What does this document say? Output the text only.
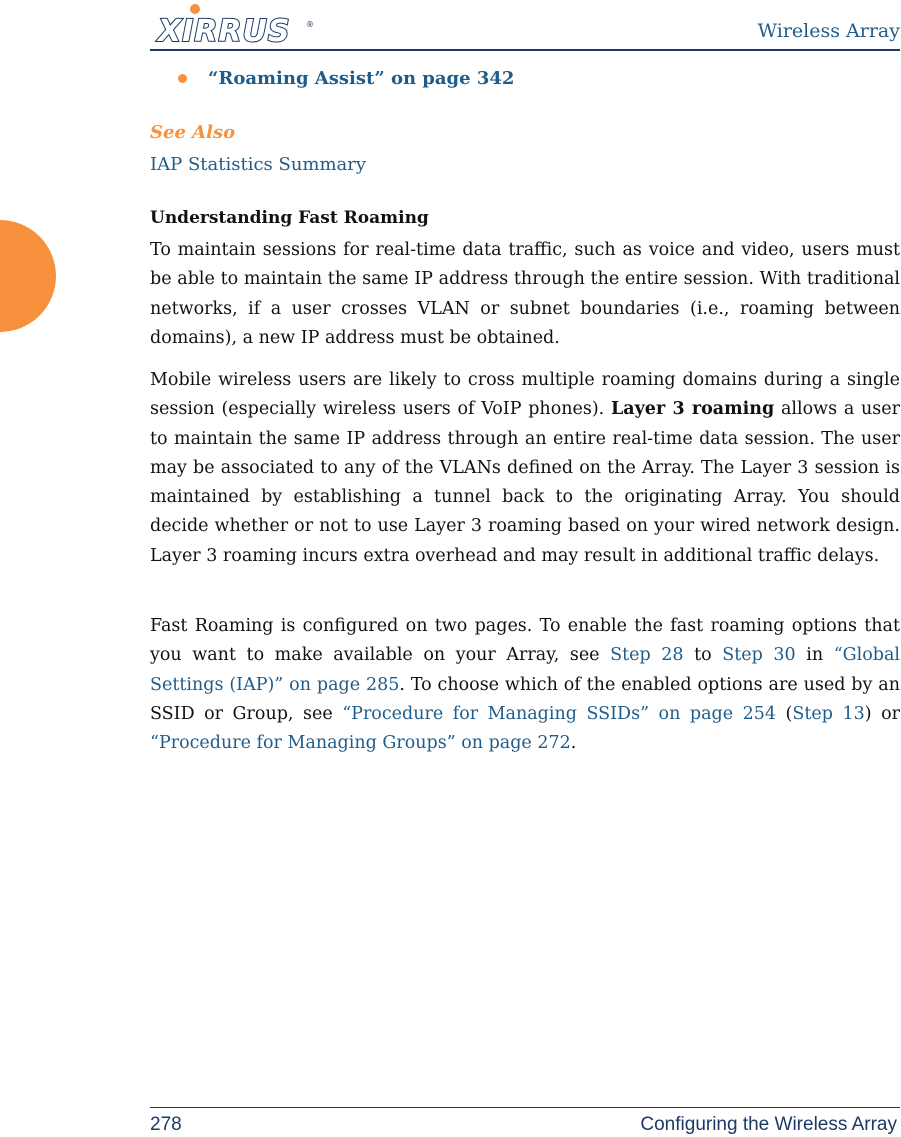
XIRRUS ®	Wireless Array
“Roaming Assist” on page 342
See Also
IAP Statistics Summary
Understanding Fast Roaming

To maintain sessions for real-time data traffic, such as voice and video, users must be able to maintain the same IP address through the entire session. With traditional networks, if a user crosses VLAN or subnet boundaries (i.e., roaming between domains), a new IP address must be obtained.

Mobile wireless users are likely to cross multiple roaming domains during a single session (especially wireless users of VoIP phones). Layer 3 roaming allows a user to maintain the same IP address through an entire real-time data session. The user may be associated to any of the VLANs defined on the Array. The Layer 3 session is maintained by establishing a tunnel back to the originating Array. You should decide whether or not to use Layer 3 roaming based on your wired network design. Layer 3 roaming incurs extra overhead and may result in additional traffic delays.

Fast Roaming is configured on two pages. To enable the fast roaming options that you want to make available on your Array, see Step 28 to Step 30 in “Global Settings (IAP)” on page 285. To choose which of the enabled options are used by an SSID or Group, see “Procedure for Managing SSIDs” on page 254 (Step 13) or “Procedure for Managing Groups” on page 272.

278	Configuring the Wireless Array
